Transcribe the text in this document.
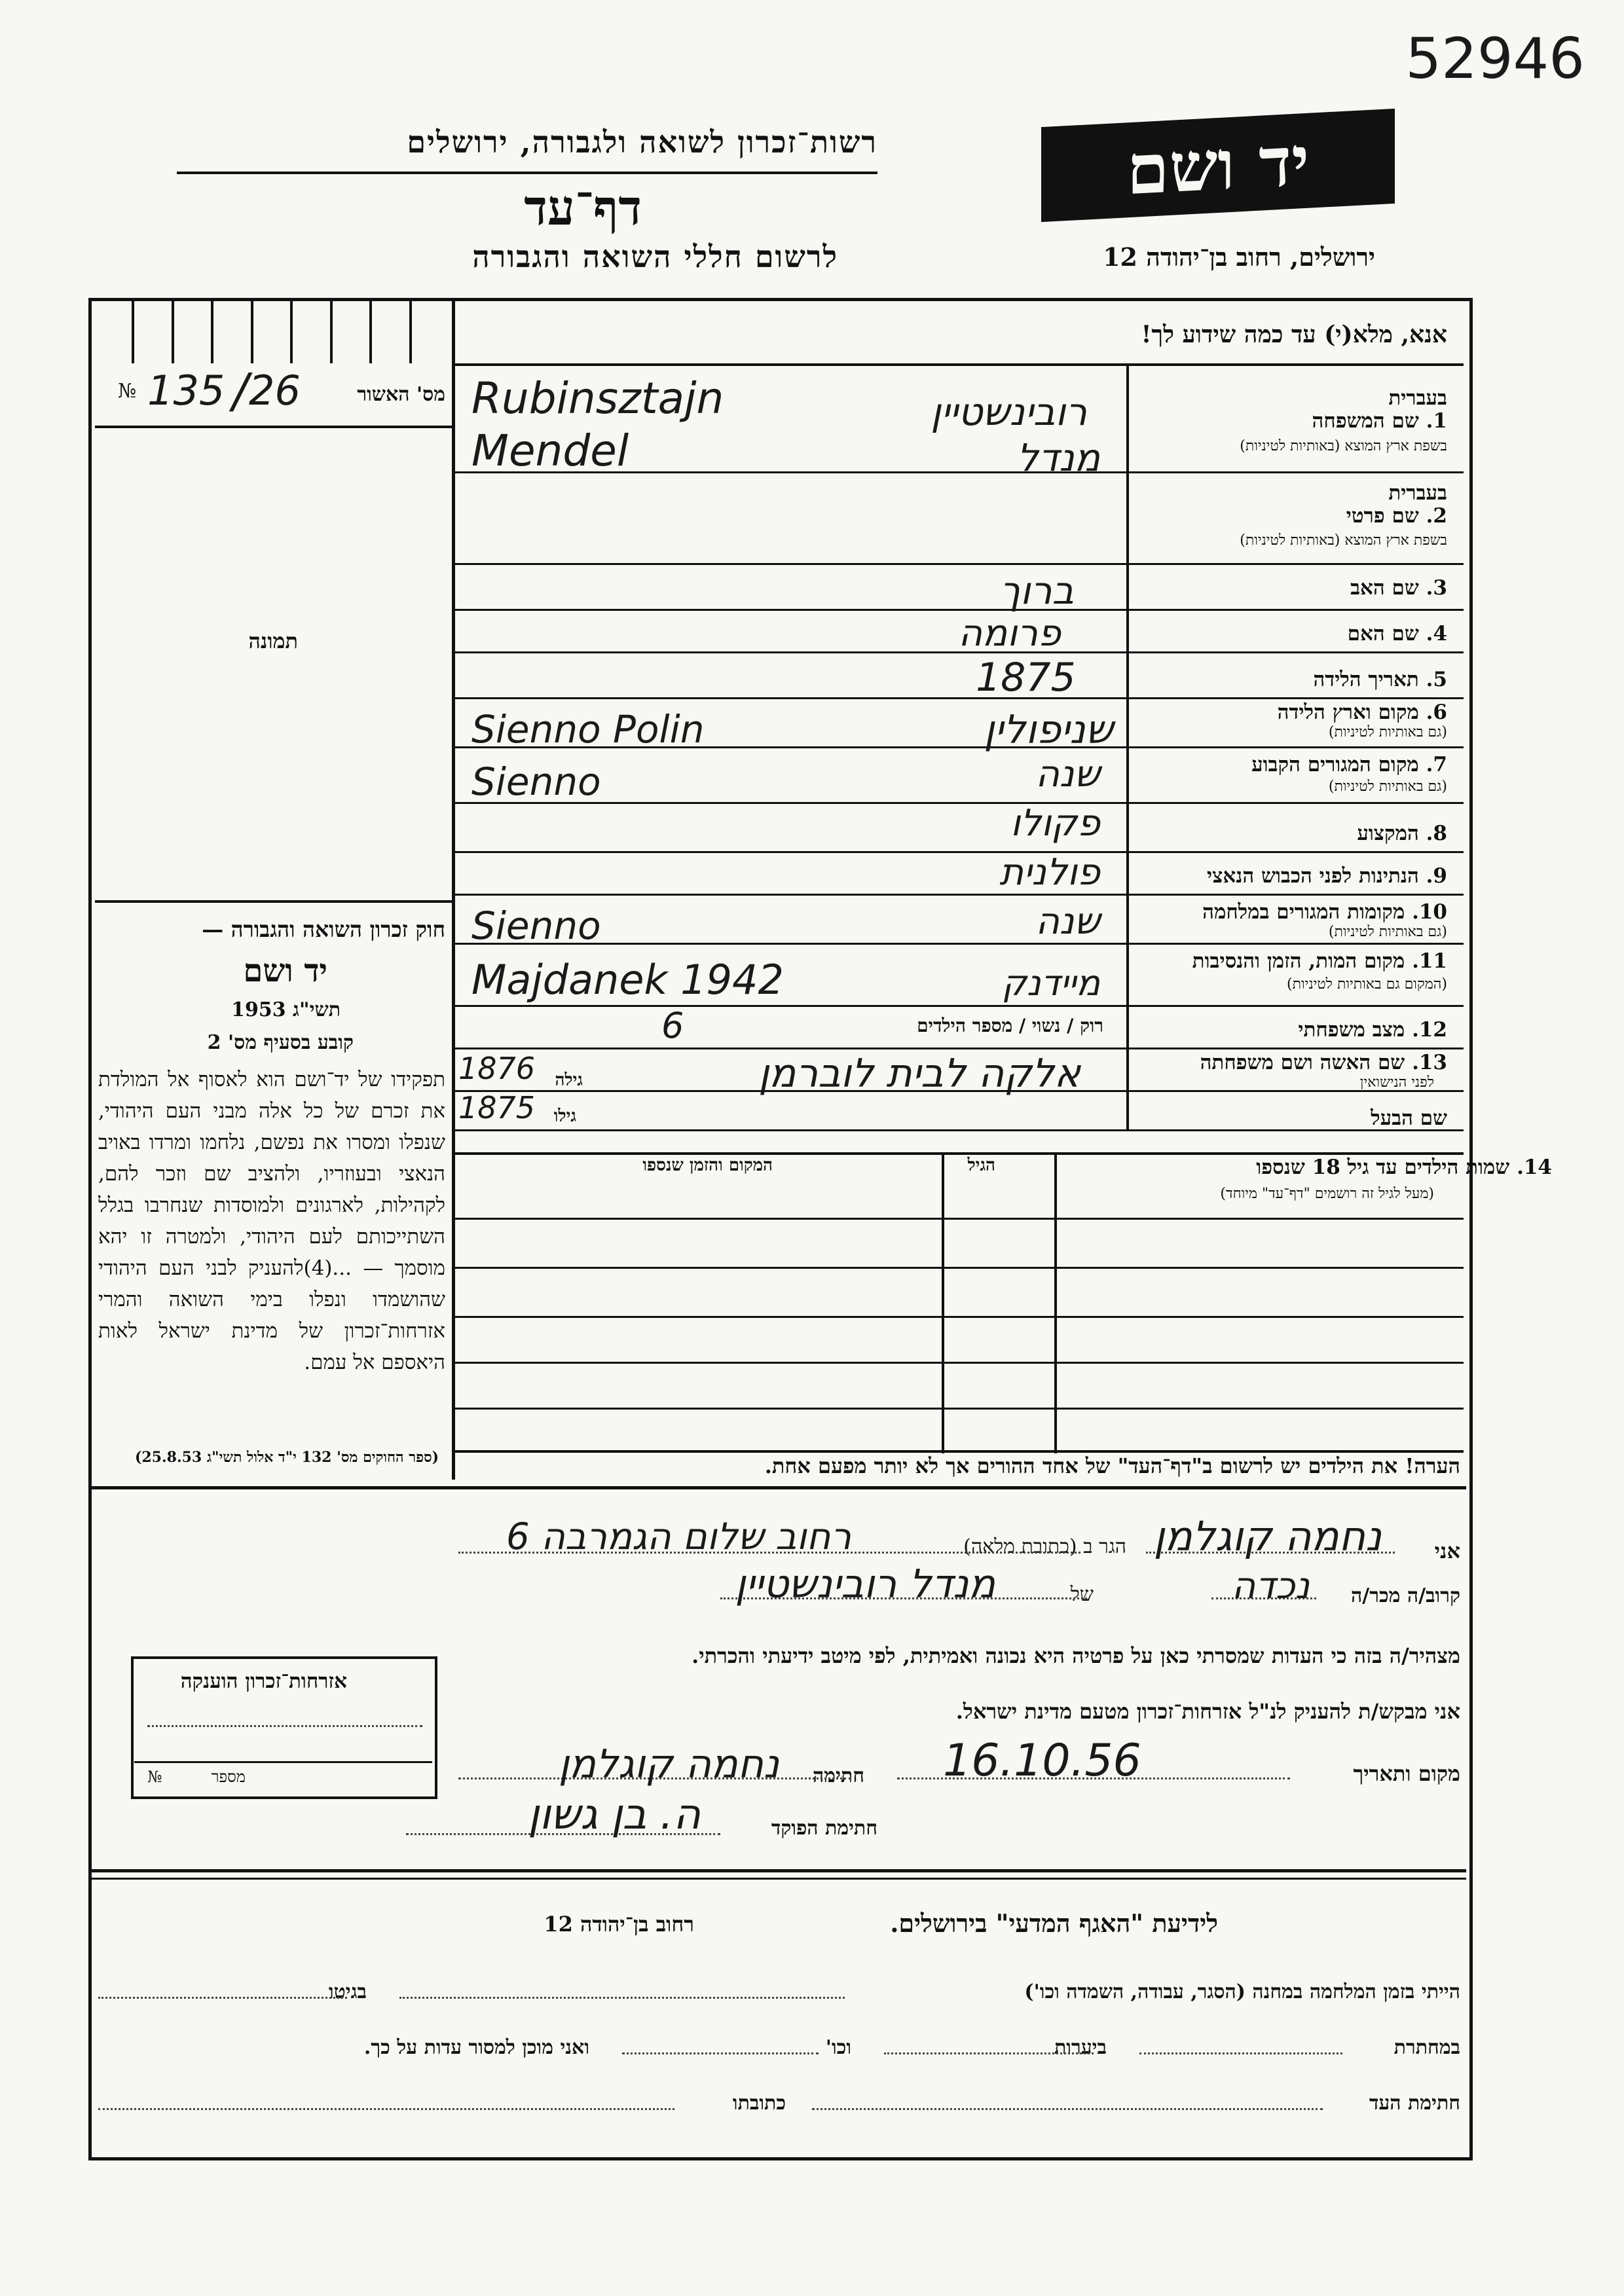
52946
רשות־זכרון לשואה ולגבורה, ירושלים
דף־עד
לרשום חללי השואה והגבורה
יד ושם
ירושלים, רחוב בן־יהודה 12
אנא, מלא(י) עד כמה שידוע לך!
№ 135 26
/	מס' האשור
תמונה
חוק זכרון השואה והגבורה —
יד ושם
תשי"ג 1953
קובע בסעיף מס' 2
תפקידו של יד־ושם הוא לאסוף אל המולדת את זכרם של כל אלה מבני העם היהודי, שנפלו ומסרו את נפשם, נלחמו ומרדו באויב הנאצי ובעוזריו, ולהציב שם וזכר להם, לקהילות, לארגונים ולמוסדות שנחרבו בגלל השתייכותם לעם היהודי, ולמטרה זו יהא מוסמך — ...(4)להעניק לבני העם היהודי שהושמדו ונפלו בימי השואה והמרי אזרחות־זכרון של מדינת ישראל לאות היאספם אל עמם.
(ספר החוקים מס' 132 י"ד אלול תשי"ג 25.8.53)
בעברית
1. שם המשפחה
בשפת ארץ המוצא (באותיות לטיניות)
Rubinsztajn	רובינשטיין
בעברית
2. שם פרטי
בשפת ארץ המוצא (באותיות לטיניות)
Mendel	מנדל
3. שם האב
ברוך
4. שם האם
פרומה
5. תאריך הלידה
1875
6. מקום וארץ הלידה
(גם באותיות לטיניות)
Sienno Polin	שניפולין
7. מקום המגורים הקבוע
(גם באותיות לטיניות)
Sienno	שנה
8. המקצוע
פקולו
9. הנתינות לפני הכבוש הנאצי
פולנית
10. מקומות המגורים במלחמה
(גם באותיות לטיניות)
Sienno	שנה
11. מקום המות, הזמן והנסיבות
(המקום גם באותיות לטיניות)
Majdanek 1942	מיידנק
12. מצב משפחתי
רוק / נשוי / מספר הילדים
6
13. שם האשה ושם משפחתה
לפני הנישואין
גילה
1876	אלקה לבית לוברמן
שם הבעל
גילו
1875
14. שמות הילדים עד גיל 18 שנספו
(מעל לגיל זה רושמים "דף־עד" מיוחד)
הגיל
המקום והזמן שנספו
הערה! את הילדים יש לרשום ב"דף־העד" של אחד ההורים אך לא יותר מפעם אחת.
אני
נחמה קוגלמן
הגר ב (כתובת מלאה)
רחוב שלום הגמרבה 6
קרוב/ה מכר/ה
נכדה
של
מנדל רובינשטיין
מצהיר/ה בזה כי העדות שמסרתי כאן על פרטיה היא נכונה ואמיתית, לפי מיטב ידיעתי והכרתי.
אני מבקש/ת להעניק לנ"ל אזרחות־זכרון מטעם מדינת ישראל.
אזרחות־זכרון הוענקה
№	מספר	מקום ותאריך
16.10.56
חתימה
נחמה קוגלמן
חתימת הפוקד
ה. בן גשון
לידיעת "האגף המדעי" בירושלים.
רחוב בן־יהודה 12
הייתי בזמן המלחמה במחנה (הסגר, עבודה, השמדה וכו')
בגיטו
במחתרת
ביערות
וכו'
ואני מוכן למסור עדות על כך.
חתימת העד
כתובתו
